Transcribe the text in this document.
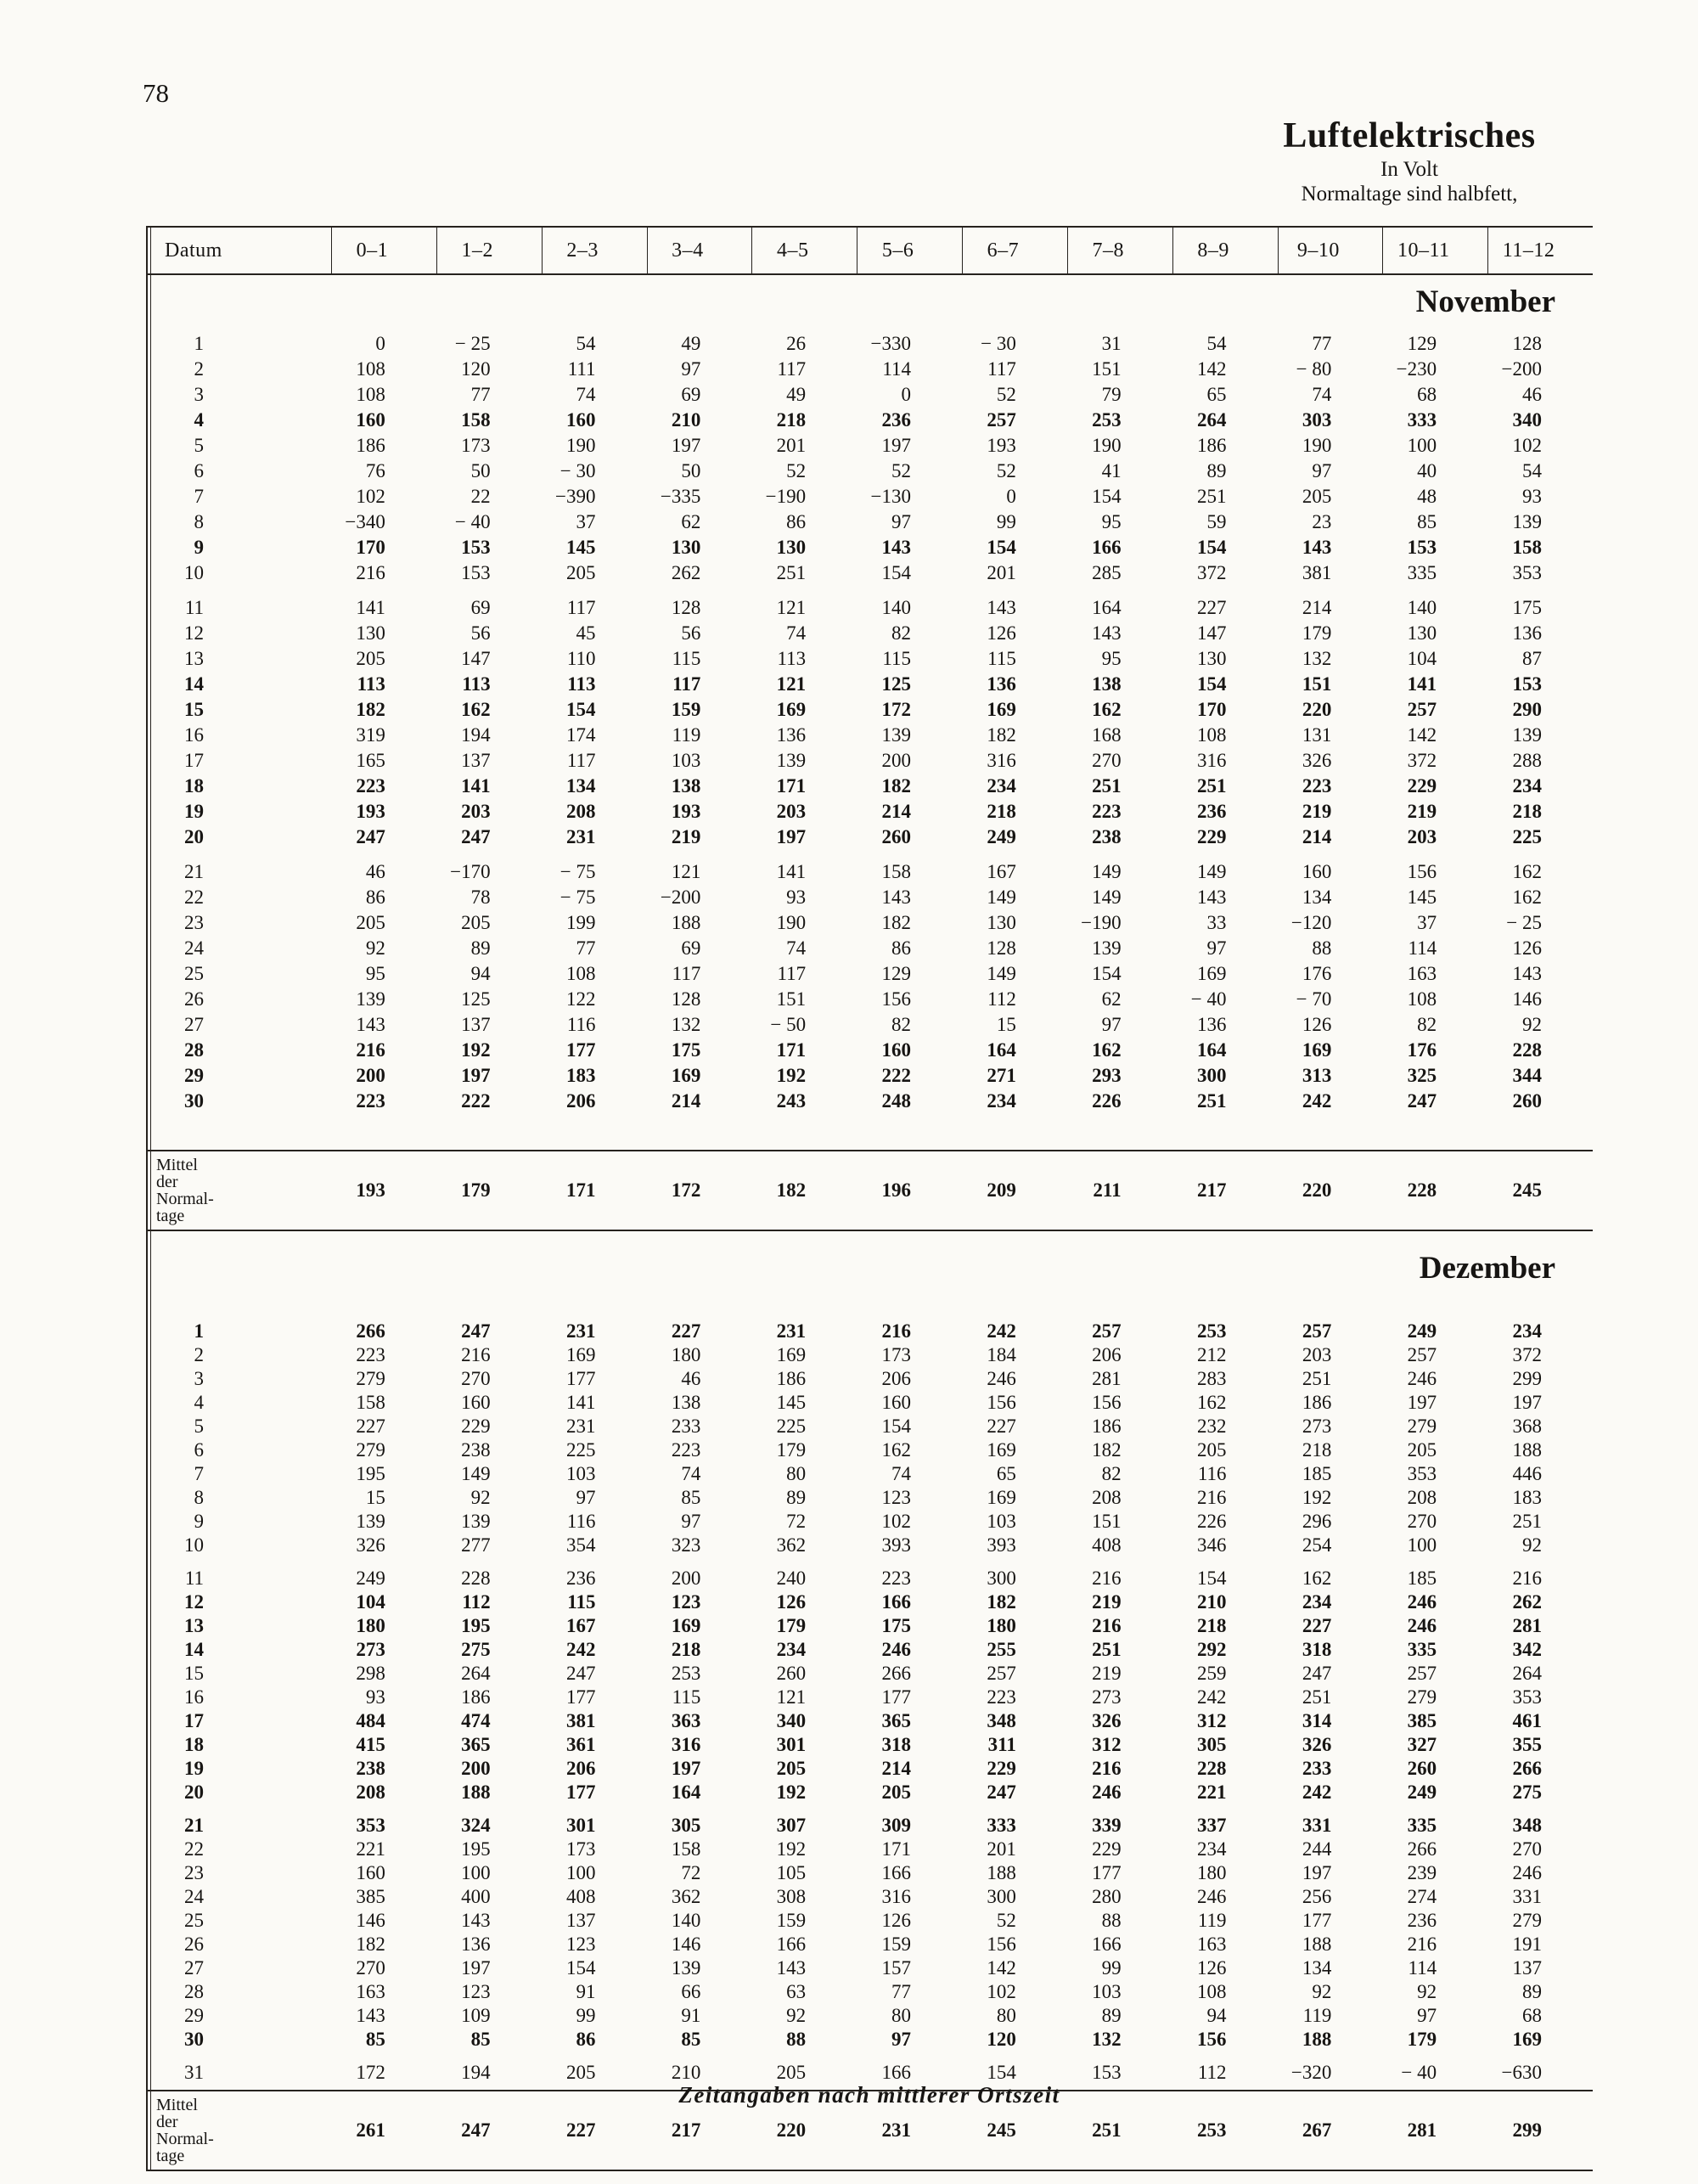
78
Luftelektrisches
In Volt
Normaltage sind halbfett,
Datum	0–1	1–2	2–3	3–4	4–5	5–6	6–7	7–8	8–9	9–10	10–11	11–12
November
1	0	− 25	54	49	26	−330	− 30	31	54	77	129	128
2	108	120	111	97	117	114	117	151	142	− 80	−230	−200
3	108	77	74	69	49	0	52	79	65	74	68	46
4	160	158	160	210	218	236	257	253	264	303	333	340
5	186	173	190	197	201	197	193	190	186	190	100	102
6	76	50	− 30	50	52	52	52	41	89	97	40	54
7	102	22	−390	−335	−190	−130	0	154	251	205	48	93
8	−340	− 40	37	62	86	97	99	95	59	23	85	139
9	170	153	145	130	130	143	154	166	154	143	153	158
10	216	153	205	262	251	154	201	285	372	381	335	353
11	141	69	117	128	121	140	143	164	227	214	140	175
12	130	56	45	56	74	82	126	143	147	179	130	136
13	205	147	110	115	113	115	115	95	130	132	104	87
14	113	113	113	117	121	125	136	138	154	151	141	153
15	182	162	154	159	169	172	169	162	170	220	257	290
16	319	194	174	119	136	139	182	168	108	131	142	139
17	165	137	117	103	139	200	316	270	316	326	372	288
18	223	141	134	138	171	182	234	251	251	223	229	234
19	193	203	208	193	203	214	218	223	236	219	219	218
20	247	247	231	219	197	260	249	238	229	214	203	225
21	46	−170	− 75	121	141	158	167	149	149	160	156	162
22	86	78	− 75	−200	93	143	149	149	143	134	145	162
23	205	205	199	188	190	182	130	−190	33	−120	37	− 25
24	92	89	77	69	74	86	128	139	97	88	114	126
25	95	94	108	117	117	129	149	154	169	176	163	143
26	139	125	122	128	151	156	112	62	− 40	− 70	108	146
27	143	137	116	132	− 50	82	15	97	136	126	82	92
28	216	192	177	175	171	160	164	162	164	169	176	228
29	200	197	183	169	192	222	271	293	300	313	325	344
30	223	222	206	214	243	248	234	226	251	242	247	260
Mittel
der
Normal-
tage
193	179	171	172	182	196	209	211	217	220	228	245
Dezember
1	266	247	231	227	231	216	242	257	253	257	249	234
2	223	216	169	180	169	173	184	206	212	203	257	372
3	279	270	177	46	186	206	246	281	283	251	246	299
4	158	160	141	138	145	160	156	156	162	186	197	197
5	227	229	231	233	225	154	227	186	232	273	279	368
6	279	238	225	223	179	162	169	182	205	218	205	188
7	195	149	103	74	80	74	65	82	116	185	353	446
8	15	92	97	85	89	123	169	208	216	192	208	183
9	139	139	116	97	72	102	103	151	226	296	270	251
10	326	277	354	323	362	393	393	408	346	254	100	92
11	249	228	236	200	240	223	300	216	154	162	185	216
12	104	112	115	123	126	166	182	219	210	234	246	262
13	180	195	167	169	179	175	180	216	218	227	246	281
14	273	275	242	218	234	246	255	251	292	318	335	342
15	298	264	247	253	260	266	257	219	259	247	257	264
16	93	186	177	115	121	177	223	273	242	251	279	353
17	484	474	381	363	340	365	348	326	312	314	385	461
18	415	365	361	316	301	318	311	312	305	326	327	355
19	238	200	206	197	205	214	229	216	228	233	260	266
20	208	188	177	164	192	205	247	246	221	242	249	275
21	353	324	301	305	307	309	333	339	337	331	335	348
22	221	195	173	158	192	171	201	229	234	244	266	270
23	160	100	100	72	105	166	188	177	180	197	239	246
24	385	400	408	362	308	316	300	280	246	256	274	331
25	146	143	137	140	159	126	52	88	119	177	236	279
26	182	136	123	146	166	159	156	166	163	188	216	191
27	270	197	154	139	143	157	142	99	126	134	114	137
28	163	123	91	66	63	77	102	103	108	92	92	89
29	143	109	99	91	92	80	80	89	94	119	97	68
30	85	85	86	85	88	97	120	132	156	188	179	169
31	172	194	205	210	205	166	154	153	112	−320	− 40	−630
Mittel
der
Normal-
tage
261	247	227	217	220	231	245	251	253	267	281	299
Zeitangaben nach mittlerer Ortszeit
